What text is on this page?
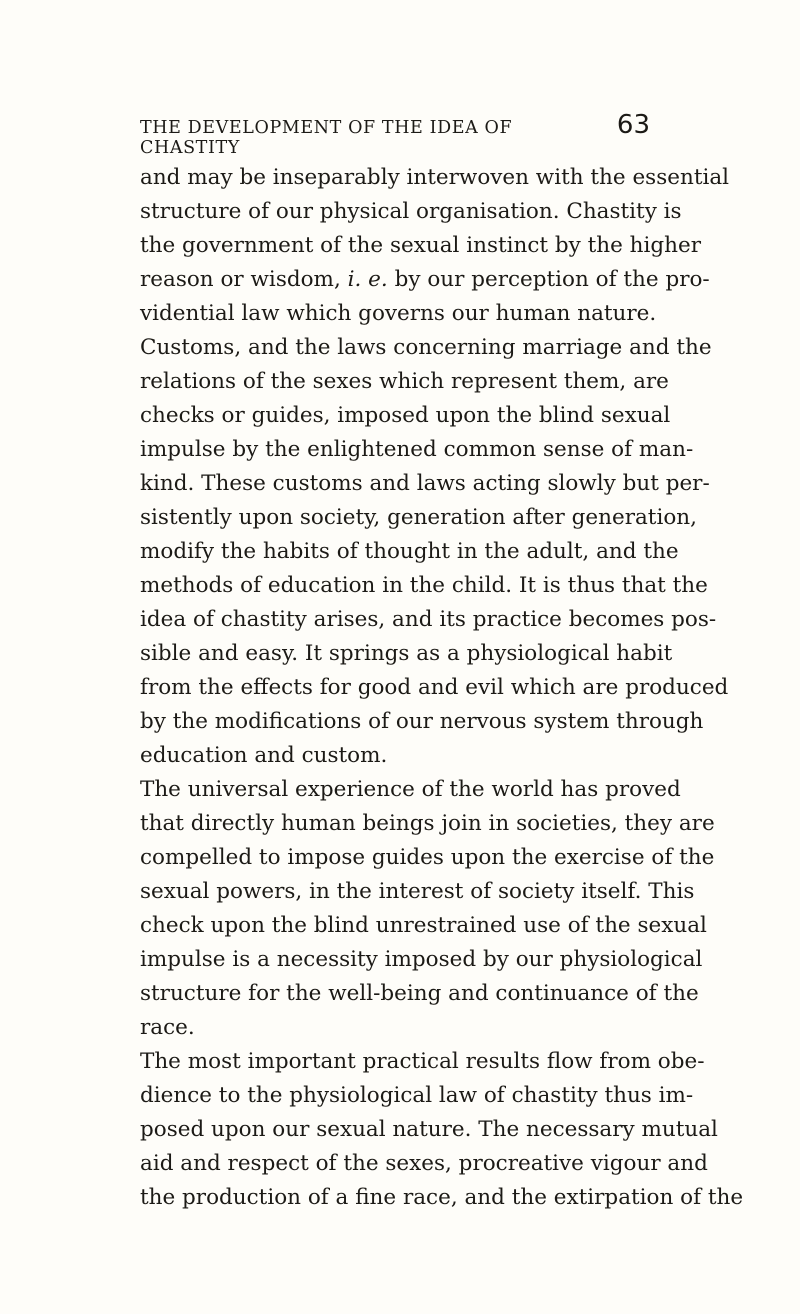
THE DEVELOPMENT OF THE IDEA OF CHASTITY
63
and may be inseparably interwoven with the essential
structure of our physical organisation. Chastity is
the government of the sexual instinct by the higher
reason or wisdom, i. e. by our perception of the pro-
vidential law which governs our human nature.
Customs, and the laws concerning marriage and the
relations of the sexes which represent them, are
checks or guides, imposed upon the blind sexual
impulse by the enlightened common sense of man-
kind. These customs and laws acting slowly but per-
sistently upon society, generation after generation,
modify the habits of thought in the adult, and the
methods of education in the child. It is thus that the
idea of chastity arises, and its practice becomes pos-
sible and easy. It springs as a physiological habit
from the effects for good and evil which are produced
by the modifications of our nervous system through
education and custom.
The universal experience of the world has proved
that directly human beings join in societies, they are
compelled to impose guides upon the exercise of the
sexual powers, in the interest of society itself. This
check upon the blind unrestrained use of the sexual
impulse is a necessity imposed by our physiological
structure for the well-being and continuance of the
race.
The most important practical results flow from obe-
dience to the physiological law of chastity thus im-
posed upon our sexual nature. The necessary mutual
aid and respect of the sexes, procreative vigour and
the production of a fine race, and the extirpation of the
